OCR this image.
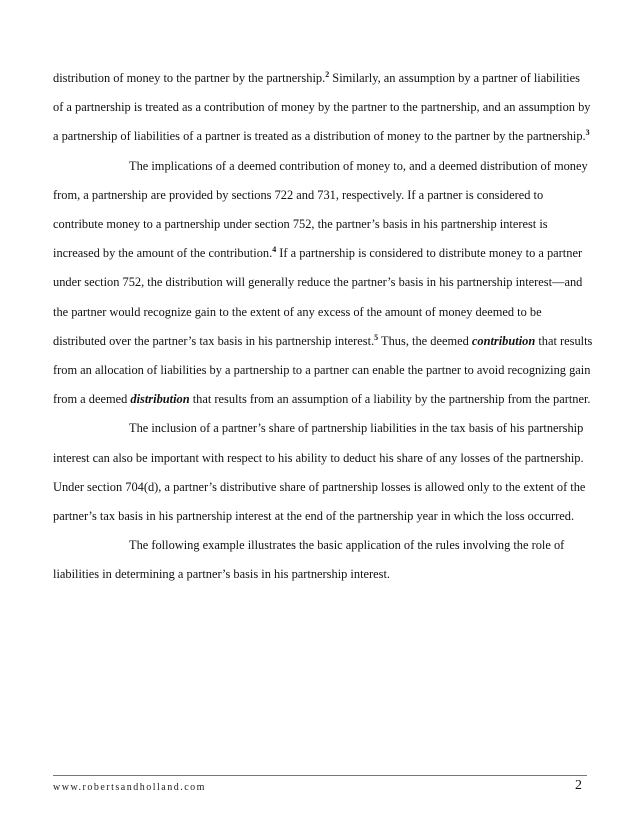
distribution of money to the partner by the partnership.$^2$ Similarly, an assumption by a partner of liabilities of a partnership is treated as a contribution of money by the partner to the partnership, and an assumption by a partnership of liabilities of a partner is treated as a distribution of money to the partner by the partnership.$^3$

The implications of a deemed contribution of money to, and a deemed distribution of money from, a partnership are provided by sections 722 and 731, respectively. If a partner is considered to contribute money to a partnership under section 752, the partner’s basis in his partnership interest is increased by the amount of the contribution.$^4$ If a partnership is considered to distribute money to a partner under section 752, the distribution will generally reduce the partner’s basis in his partnership interest—and the partner would recognize gain to the extent of any excess of the amount of money deemed to be distributed over the partner’s tax basis in his partnership interest.$^5$ Thus, the deemed contribution that results from an allocation of liabilities by a partnership to a partner can enable the partner to avoid recognizing gain from a deemed distribution that results from an assumption of a liability by the partnership from the partner.

The inclusion of a partner’s share of partnership liabilities in the tax basis of his partnership interest can also be important with respect to his ability to deduct his share of any losses of the partnership. Under section 704(d), a partner’s distributive share of partnership losses is allowed only to the extent of the partner’s tax basis in his partnership interest at the end of the partnership year in which the loss occurred.

The following example illustrates the basic application of the rules involving the role of liabilities in determining a partner’s basis in his partnership interest.

www.robertsandholland.com	2
